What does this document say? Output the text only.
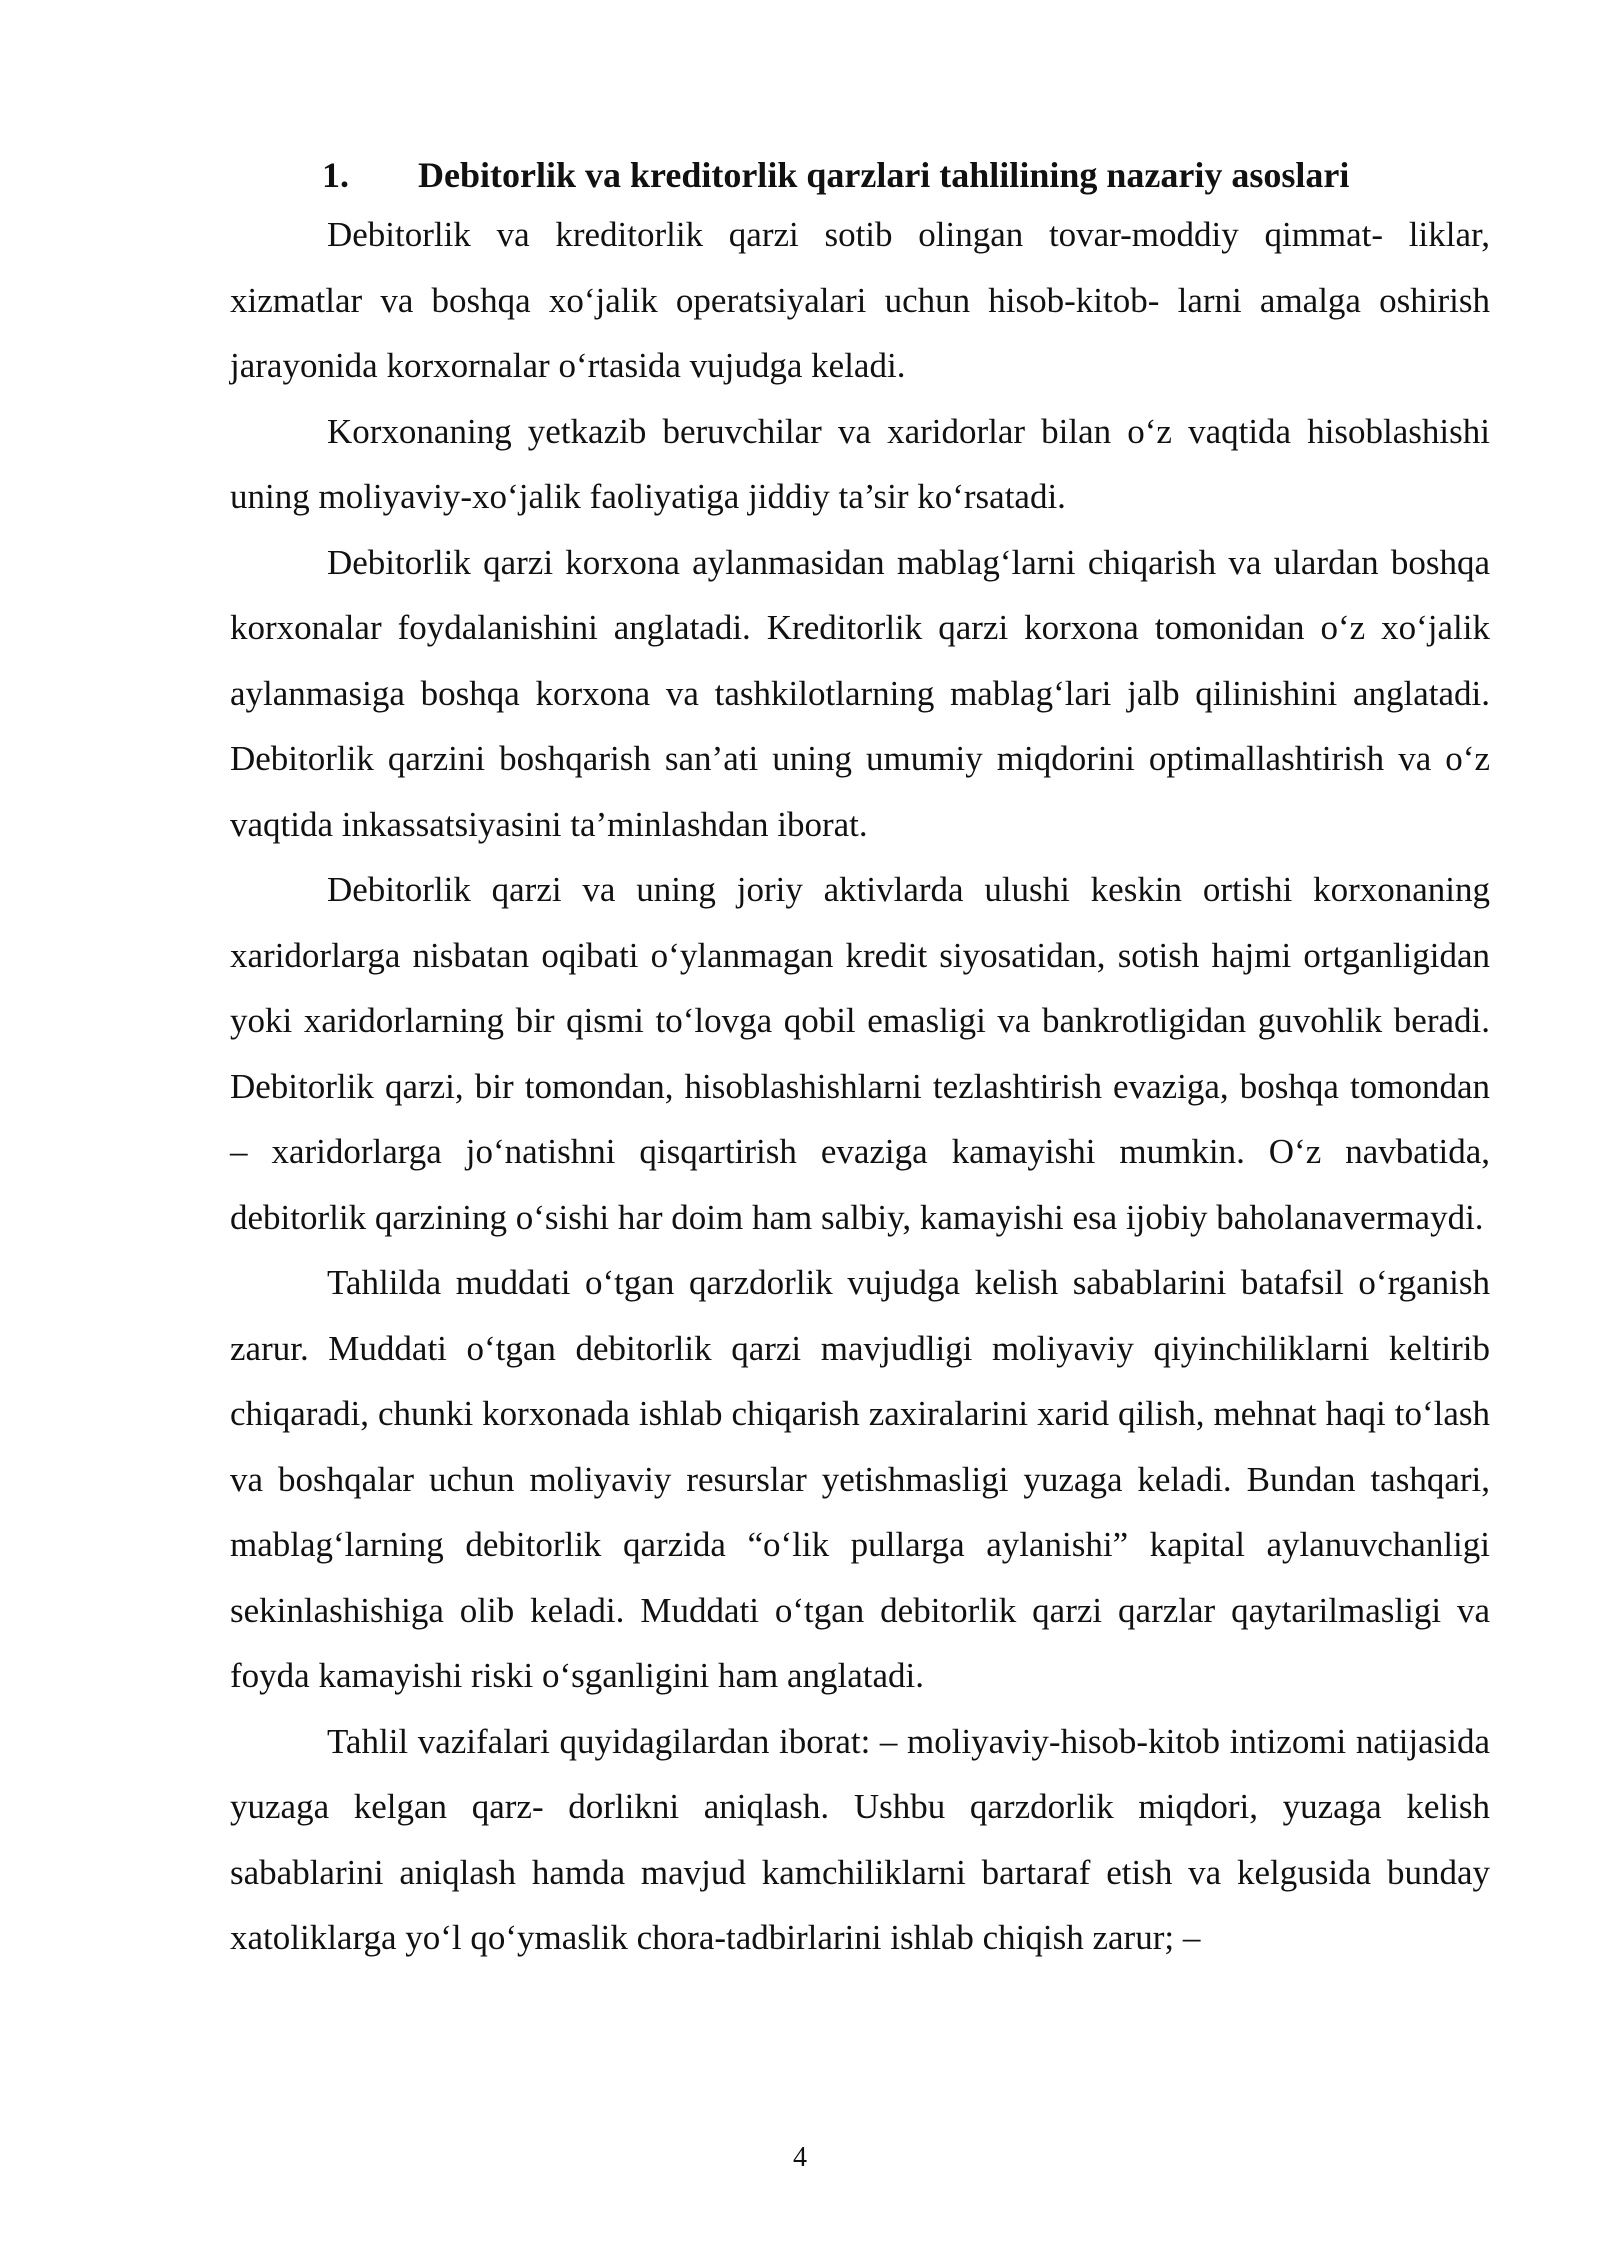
1. Debitorlik va kreditorlik qarzlari tahlilining nazariy asoslari

Debitorlik va kreditorlik qarzi sotib olingan tovar-moddiy qimmat- liklar, xizmatlar va boshqa xo‘jalik operatsiyalari uchun hisob-kitob- larni amalga oshirish jarayonida korxornalar o‘rtasida vujudga keladi.

Korxonaning yetkazib beruvchilar va xaridorlar bilan o‘z vaqtida hisoblashishi uning moliyaviy-xo‘jalik faoliyatiga jiddiy ta’sir ko‘rsatadi.

Debitorlik qarzi korxona aylanmasidan mablag‘larni chiqarish va ulardan boshqa korxonalar foydalanishini anglatadi. Kreditorlik qarzi korxona tomonidan o‘z xo‘jalik aylanmasiga boshqa korxona va tashkilotlarning mablag‘lari jalb qilinishini anglatadi. Debitorlik qarzini boshqarish san’ati uning umumiy miqdorini optimallashtirish va o‘z vaqtida inkassatsiyasini ta’minlashdan iborat.

Debitorlik qarzi va uning joriy aktivlarda ulushi keskin ortishi korxonaning xaridorlarga nisbatan oqibati o‘ylanmagan kredit siyosatidan, sotish hajmi ortganligidan yoki xaridorlarning bir qismi to‘lovga qobil emasligi va bankrotligidan guvohlik beradi. Debitorlik qarzi, bir tomondan, hisoblashishlarni tezlashtirish evaziga, boshqa tomondan – xaridorlarga jo‘natishni qisqartirish evaziga kamayishi mumkin. O‘z navbatida, debitorlik qarzining o‘sishi har doim ham salbiy, kamayishi esa ijobiy baholanavermaydi.

Tahlilda muddati o‘tgan qarzdorlik vujudga kelish sabablarini batafsil o‘rganish zarur. Muddati o‘tgan debitorlik qarzi mavjudligi moliyaviy qiyinchiliklarni keltirib chiqaradi, chunki korxonada ishlab chiqarish zaxiralarini xarid qilish, mehnat haqi to‘lash va boshqalar uchun moliyaviy resurslar yetishmasligi yuzaga keladi. Bundan tashqari, mablag‘larning debitorlik qarzida “o‘lik pullarga aylanishi” kapital aylanuvchanligi sekinlashishiga olib keladi. Muddati o‘tgan debitorlik qarzi qarzlar qaytarilmasligi va foyda kamayishi riski o‘sganligini ham anglatadi.

Tahlil vazifalari quyidagilardan iborat: – moliyaviy-hisob-kitob intizomi natijasida yuzaga kelgan qarz- dorlikni aniqlash. Ushbu qarzdorlik miqdori, yuzaga kelish sabablarini aniqlash hamda mavjud kamchiliklarni bartaraf etish va kelgusida bunday xatoliklarga yo‘l qo‘ymaslik chora-tadbirlarini ishlab chiqish zarur; –

4
